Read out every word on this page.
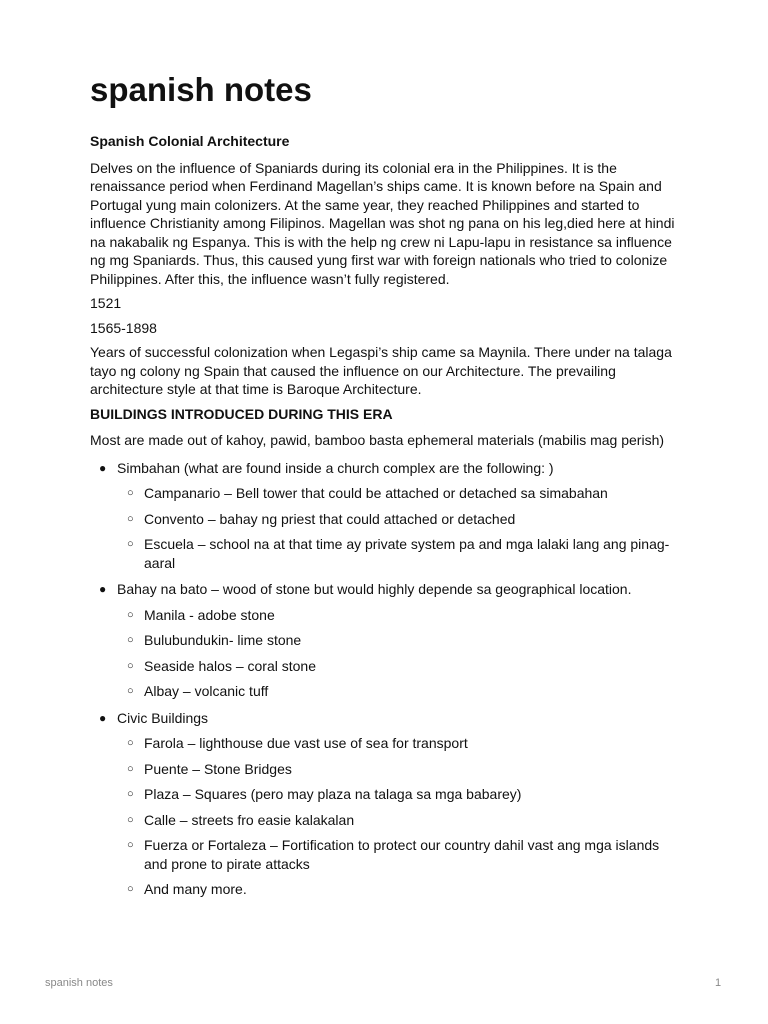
spanish notes
Spanish Colonial Architecture

Delves on the influence of Spaniards during its colonial era in the Philippines. It is the renaissance period when Ferdinand Magellan’s ships came. It is known before na Spain and Portugal yung main colonizers. At the same year, they reached Philippines and started to influence Christianity among Filipinos. Magellan was shot ng pana on his leg,died here at hindi na nakabalik ng Espanya. This is with the help ng crew ni Lapu-lapu in resistance sa influence ng mg Spaniards. Thus, this caused yung first war with foreign nationals who tried to colonize Philippines. After this, the influence wasn’t fully registered.

1521

1565-1898

Years of successful colonization when Legaspi’s ship came sa Maynila. There under na talaga tayo ng colony ng Spain that caused the influence on our Architecture. The prevailing architecture style at that time is Baroque Architecture.

BUILDINGS INTRODUCED DURING THIS ERA

Most are made out of kahoy, pawid, bamboo basta ephemeral materials (mabilis mag perish)

● Simbahan (what are found inside a church complex are the following: )
○ Campanario – Bell tower that could be attached or detached sa simabahan
○ Convento – bahay ng priest that could attached or detached
○ Escuela – school na at that time ay private system pa and mga lalaki lang ang pinag-aaral
● Bahay na bato – wood of stone but would highly depende sa geographical location.
○ Manila - adobe stone
○ Bulubundukin- lime stone
○ Seaside halos – coral stone
○ Albay – volcanic tuff
● Civic Buildings
○ Farola – lighthouse due vast use of sea for transport
○ Puente – Stone Bridges
○ Plaza – Squares (pero may plaza na talaga sa mga babarey)
○ Calle – streets fro easie kalakalan
○ Fuerza or Fortaleza – Fortification to protect our country dahil vast ang mga islands and prone to pirate attacks
○ And many more.
spanish notes	1
